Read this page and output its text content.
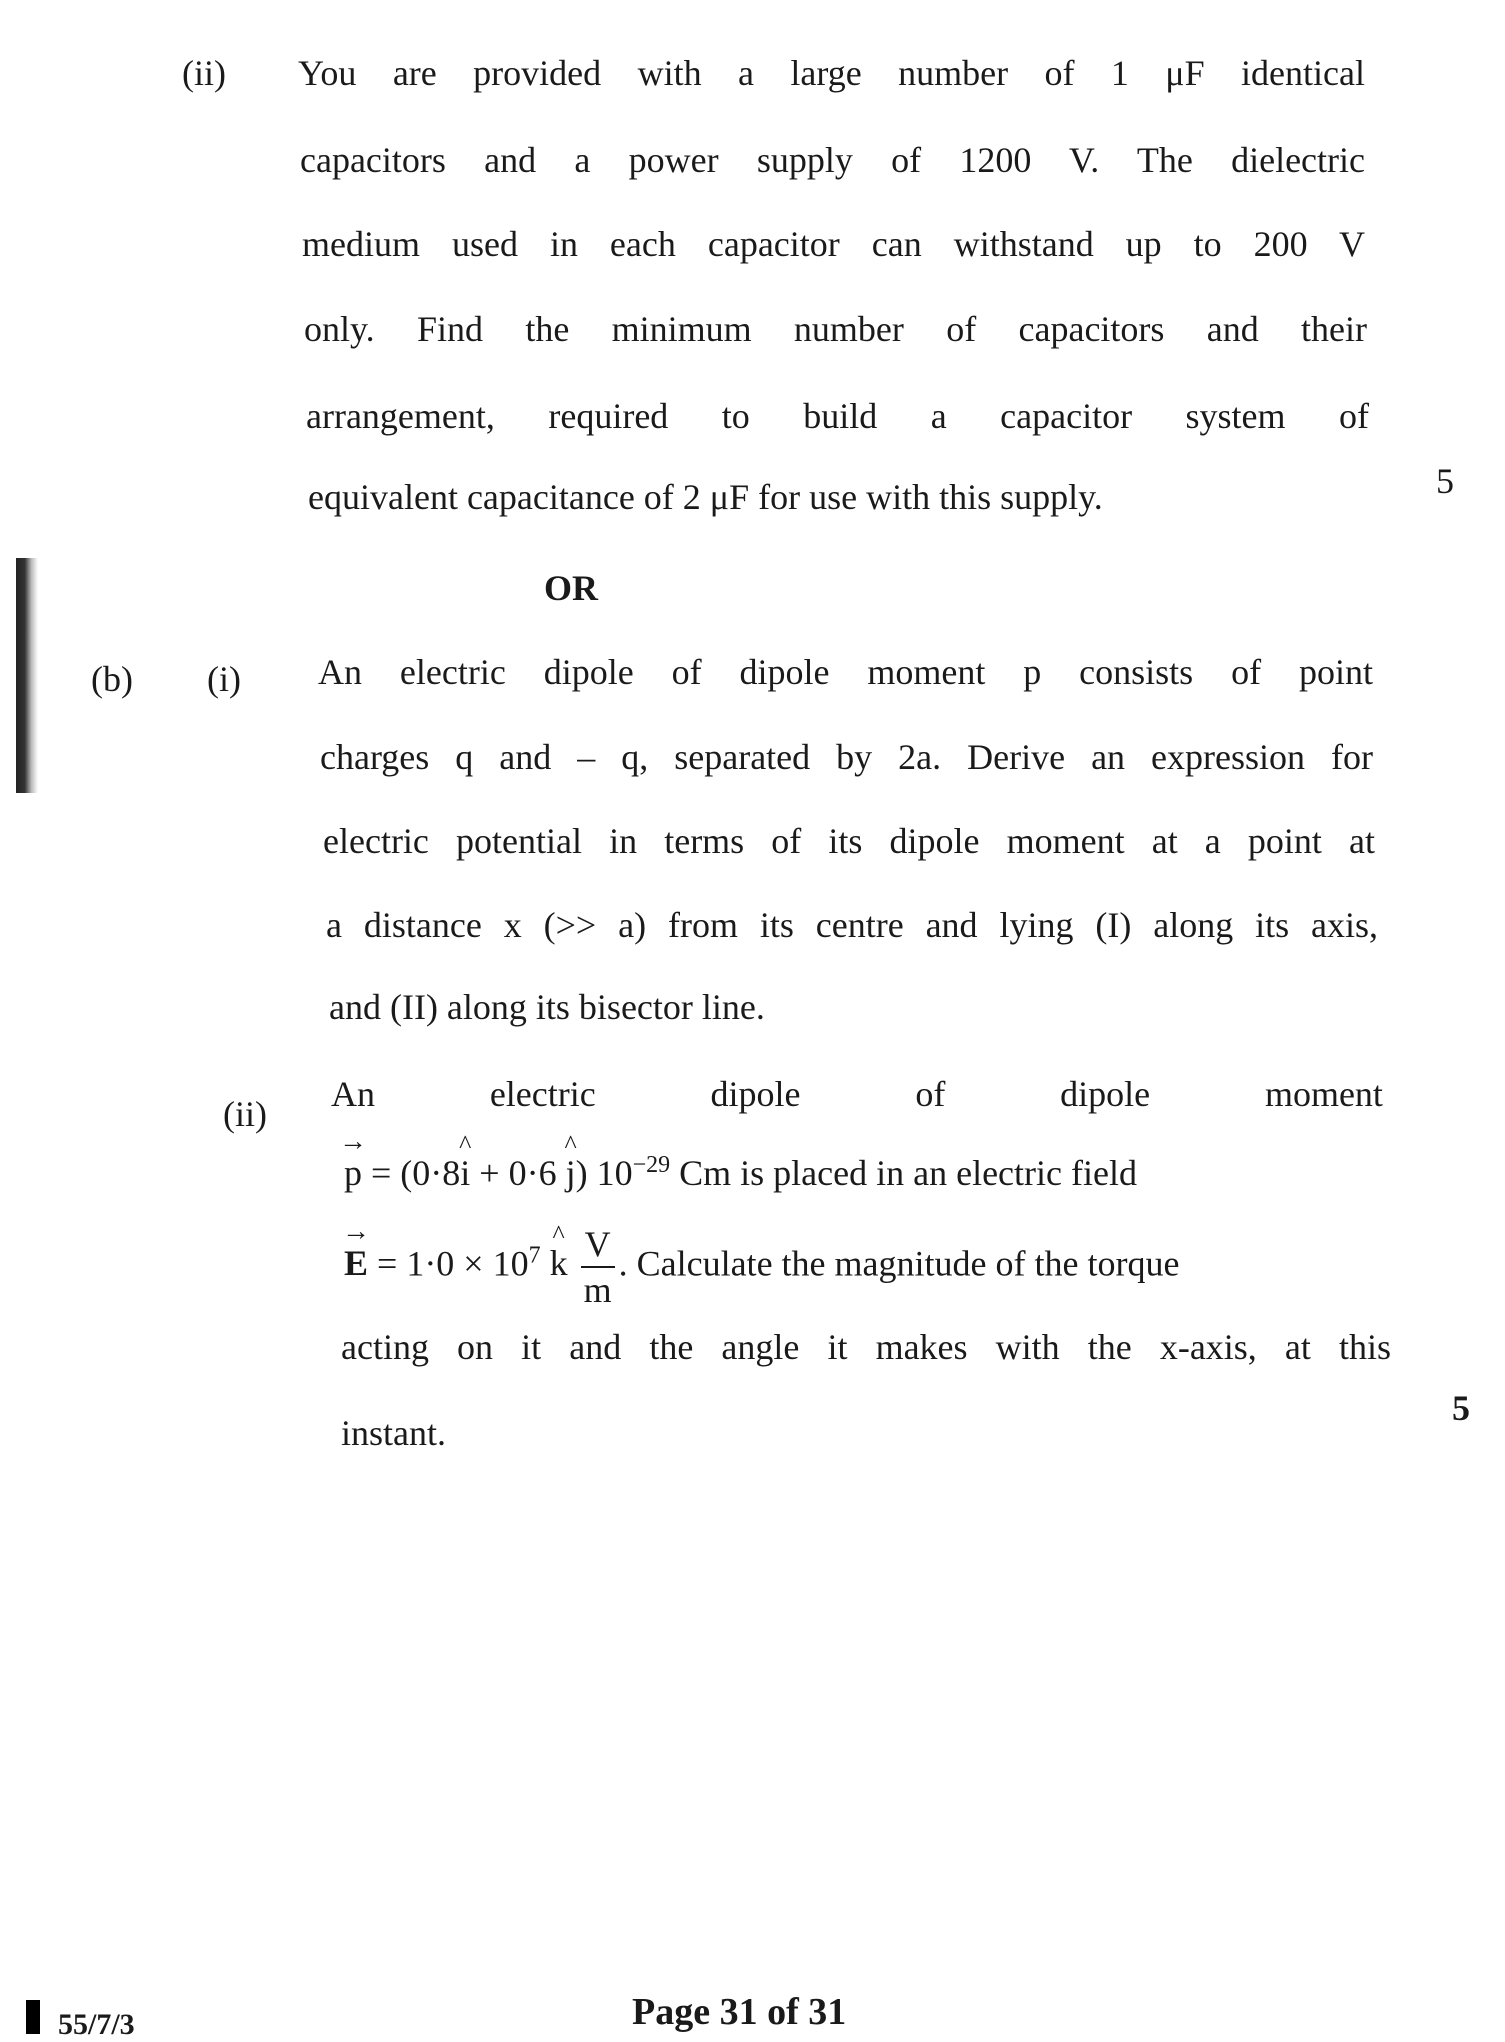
(ii) You are provided with a large number of 1 μF identical
capacitors and a power supply of 1200 V. The dielectric
medium used in each capacitor can withstand up to 200 V
only. Find the minimum number of capacitors and their
arrangement, required to build a capacitor system of
equivalent capacitance of 2 μF for use with this supply.	5
OR
(b) (i) An electric dipole of dipole moment p consists of point
charges q and – q, separated by 2a. Derive an expression for
electric potential in terms of its dipole moment at a point at
a distance x (>> a) from its centre and lying (I) along its axis,
and (II) along its bisector line.
(ii) An	electric	dipole	of	dipole	moment
→
p = (0·8
^
i + 0·6
^
j) $10^{-29}$ Cm is placed in an electric field
→
$E = 1\cdot 0 \times 10^7$
^
k $\frac{V}{m}$ . Calculate the magnitude of the torque
acting on it and the angle it makes with the x-axis, at this
instant.
5
55/7/3	Page 31 of 31
